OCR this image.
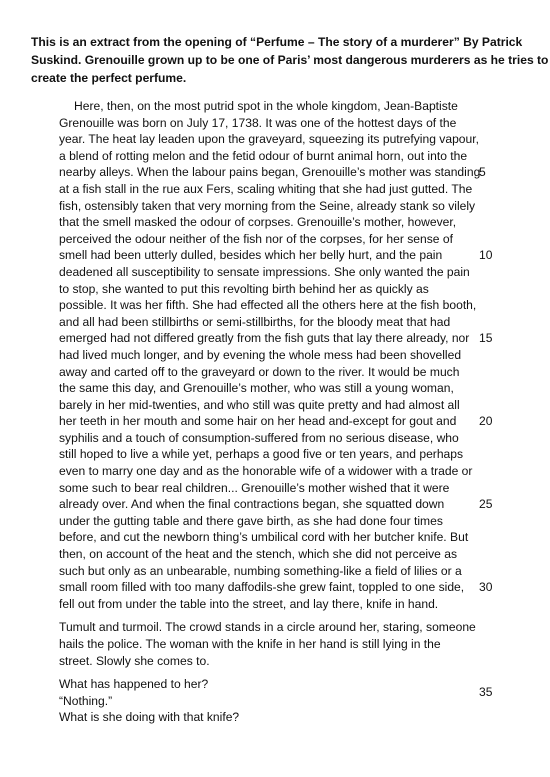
This is an extract from the opening of “Perfume – The story of a murderer” By Patrick
Suskind. Grenouille grown up to be one of Paris’ most dangerous murderers as he tries to
create the perfect perfume.
Here, then, on the most putrid spot in the whole kingdom, Jean-Baptiste
Grenouille was born on July 17, 1738. It was one of the hottest days of the
year. The heat lay leaden upon the graveyard, squeezing its putrefying vapour,
a blend of rotting melon and the fetid odour of burnt animal horn, out into the
nearby alleys. When the labour pains began, Grenouille’s mother was standing
5
at a fish stall in the rue aux Fers, scaling whiting that she had just gutted. The
fish, ostensibly taken that very morning from the Seine, already stank so vilely
that the smell masked the odour of corpses. Grenouille’s mother, however,
perceived the odour neither of the fish nor of the corpses, for her sense of
smell had been utterly dulled, besides which her belly hurt, and the pain	10
deadened all susceptibility to sensate impressions. She only wanted the pain
to stop, she wanted to put this revolting birth behind her as quickly as
possible. It was her fifth. She had effected all the others here at the fish booth,
and all had been stillbirths or semi-stillbirths, for the bloody meat that had
emerged had not differed greatly from the fish guts that lay there already, nor 15
had lived much longer, and by evening the whole mess had been shovelled
away and carted off to the graveyard or down to the river. It would be much
the same this day, and Grenouille’s mother, who was still a young woman,
barely in her mid-twenties, and who still was quite pretty and had almost all
her teeth in her mouth and some hair on her head and-except for gout and 20
syphilis and a touch of consumption-suffered from no serious disease, who
still hoped to live a while yet, perhaps a good five or ten years, and perhaps
even to marry one day and as the honorable wife of a widower with a trade or
some such to bear real children... Grenouille’s mother wished that it were
already over. And when the final contractions began, she squatted down	25
under the gutting table and there gave birth, as she had done four times
before, and cut the newborn thing’s umbilical cord with her butcher knife. But
then, on account of the heat and the stench, which she did not perceive as
such but only as an unbearable, numbing something-like a field of lilies or a
small room filled with too many daffodils-she grew faint, toppled to one side, 30
fell out from under the table into the street, and lay there, knife in hand.
Tumult and turmoil. The crowd stands in a circle around her, staring, someone
hails the police. The woman with the knife in her hand is still lying in the
street. Slowly she comes to.
What has happened to her?
35
“Nothing.”
What is she doing with that knife?
